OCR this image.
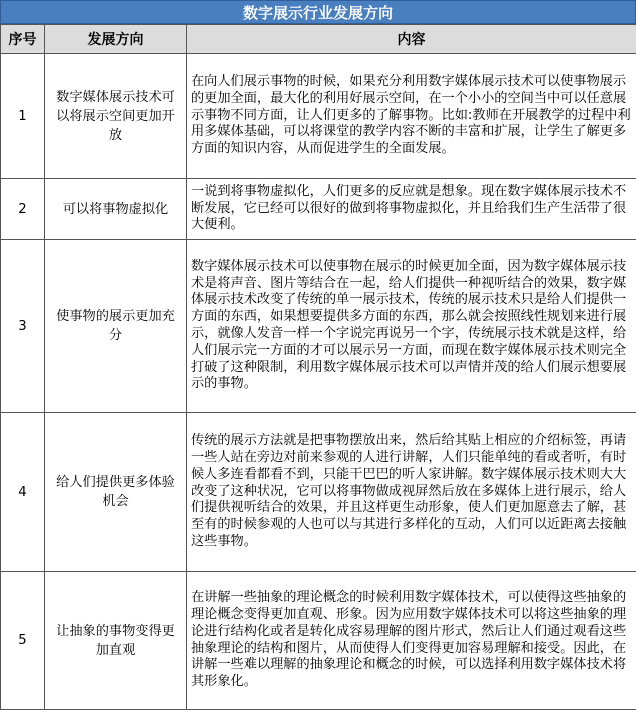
数字展示行业发展方向
序号	发展方向	内容
1	数字媒体展示技术可以将展示空间更加开放	在向人们展示事物的时候，如果充分利用数字媒体展示技术可以使事物展示的更加全面，最大化的利用好展示空间，在一个小小的空间当中可以任意展示事物不同方面，让人们更多的了解事物。比如:教师在开展教学的过程中利用多媒体基础，可以将课堂的教学内容不断的丰富和扩展，让学生了解更多方面的知识内容，从而促进学生的全面发展。
2	可以将事物虚拟化	一说到将事物虚拟化，人们更多的反应就是想象。现在数字媒体展示技术不断发展，它已经可以很好的做到将事物虚拟化，并且给我们生产生活带了很大便利。
3	使事物的展示更加充分	数字媒体展示技术可以使事物在展示的时候更加全面，因为数字媒体展示技术是将声音、图片等结合在一起，给人们提供一种视听结合的效果，数字媒体展示技术改变了传统的单一展示技术，传统的展示技术只是给人们提供一方面的东西，如果想要提供多方面的东西，那么就会按照线性规划来进行展示，就像人发音一样一个字说完再说另一个字，传统展示技术就是这样，给人们展示完一方面的才可以展示另一方面，而现在数字媒体展示技术则完全打破了这种限制，利用数字媒体展示技术可以声情并茂的给人们展示想要展示的事物。
4	给人们提供更多体验机会	传统的展示方法就是把事物摆放出来，然后给其贴上相应的介绍标签，再请一些人站在旁边对前来参观的人进行讲解，人们只能单纯的看或者听，有时候人多连看都看不到，只能干巴巴的听人家讲解。数字媒体展示技术则大大改变了这种状况，它可以将事物做成视屏然后放在多媒体上进行展示，给人们提供视听结合的效果，并且这样更生动形象，使人们更加愿意去了解，甚至有的时候参观的人也可以与其进行多样化的互动，人们可以近距离去接触这些事物。
5	让抽象的事物变得更加直观	在讲解一些抽象的理论概念的时候利用数字媒体技术，可以使得这些抽象的理论概念变得更加直观、形象。因为应用数字媒体技术可以将这些抽象的理论进行结构化或者是转化成容易理解的图片形式，然后让人们通过观看这些抽象理论的结构和图片，从而使得人们变得更加容易理解和接受。因此，在讲解一些难以理解的抽象理论和概念的时候，可以选择利用数字媒体技术将其形象化。
